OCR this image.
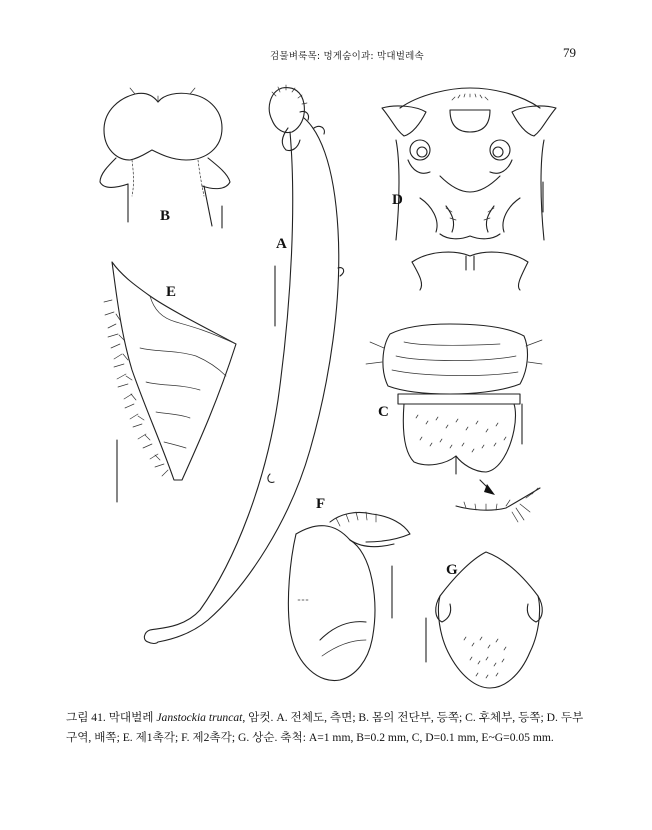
검물벼룩목: 멍게숨이과: 막대벌레속	79
A
B
C
D
E
F
G
그림 41. 막대벌레 Janstockia truncat, 암컷. A. 전체도, 측면; B. 몸의 전단부, 등쪽; C. 후체부, 등쪽; D. 두부 구역, 배쪽; E. 제1촉각; F. 제2촉각; G. 상순. 축척: A=1 mm, B=0.2 mm, C, D=0.1 mm, E~G=0.05 mm.
